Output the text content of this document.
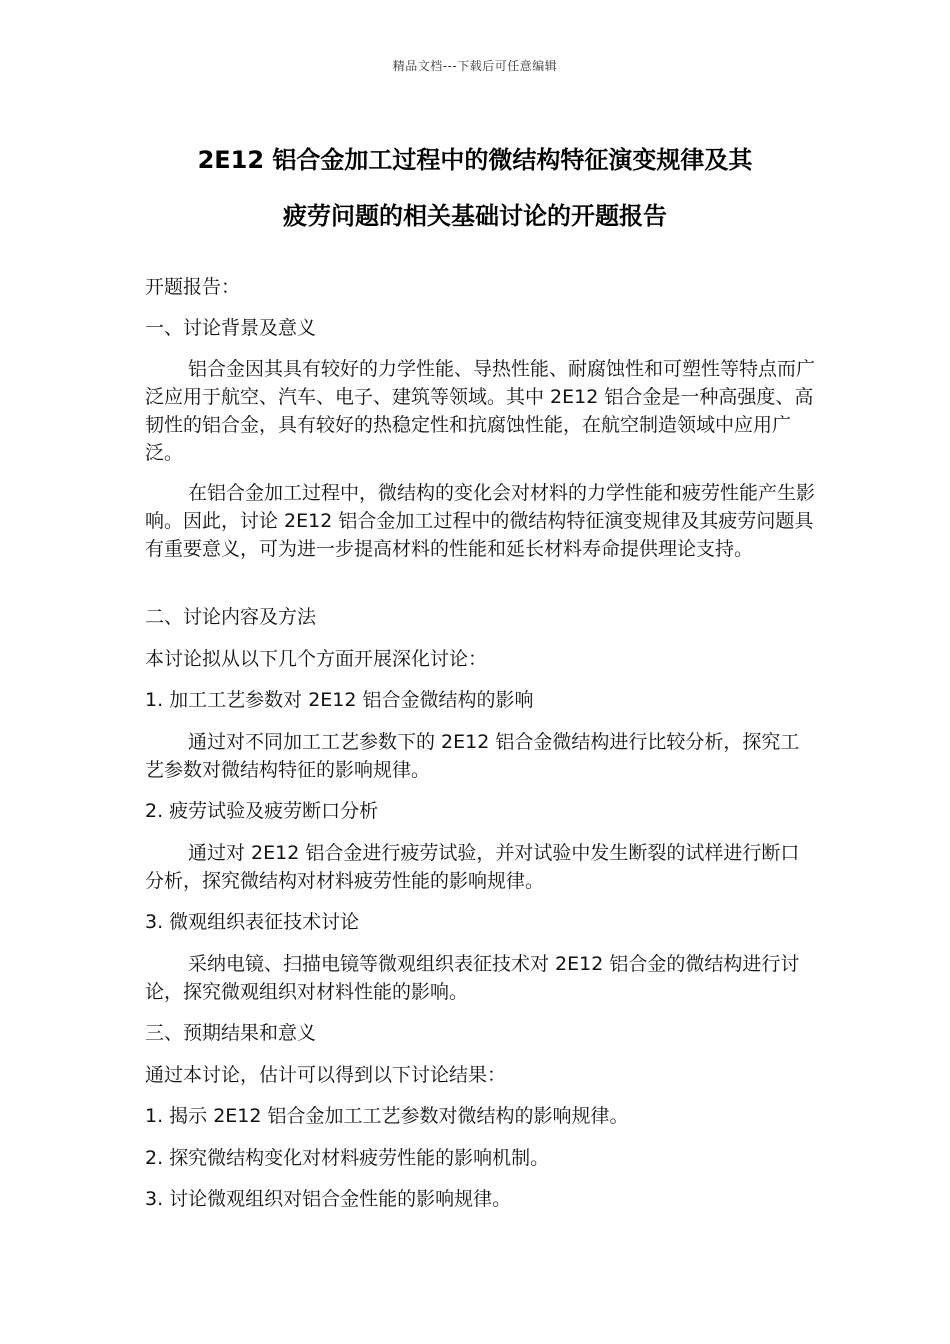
精品文档---下载后可任意编辑
2E12 铝合金加工过程中的微结构特征演变规律及其
疲劳问题的相关基础讨论的开题报告

开题报告：

一、讨论背景及意义

铝合金因其具有较好的力学性能、导热性能、耐腐蚀性和可塑性等特点而广泛应用于航空、汽车、电子、建筑等领域。其中 2E12 铝合金是一种高强度、高韧性的铝合金，具有较好的热稳定性和抗腐蚀性能，在航空制造领域中应用广泛。

在铝合金加工过程中，微结构的变化会对材料的力学性能和疲劳性能产生影响。因此，讨论 2E12 铝合金加工过程中的微结构特征演变规律及其疲劳问题具有重要意义，可为进一步提高材料的性能和延长材料寿命提供理论支持。

二、讨论内容及方法

本讨论拟从以下几个方面开展深化讨论：

1. 加工工艺参数对 2E12 铝合金微结构的影响

通过对不同加工工艺参数下的 2E12 铝合金微结构进行比较分析，探究工艺参数对微结构特征的影响规律。

2. 疲劳试验及疲劳断口分析

通过对 2E12 铝合金进行疲劳试验，并对试验中发生断裂的试样进行断口分析，探究微结构对材料疲劳性能的影响规律。

3. 微观组织表征技术讨论

采纳电镜、扫描电镜等微观组织表征技术对 2E12 铝合金的微结构进行讨论，探究微观组织对材料性能的影响。

三、预期结果和意义

通过本讨论，估计可以得到以下讨论结果：

1. 揭示 2E12 铝合金加工工艺参数对微结构的影响规律。

2. 探究微结构变化对材料疲劳性能的影响机制。

3. 讨论微观组织对铝合金性能的影响规律。
